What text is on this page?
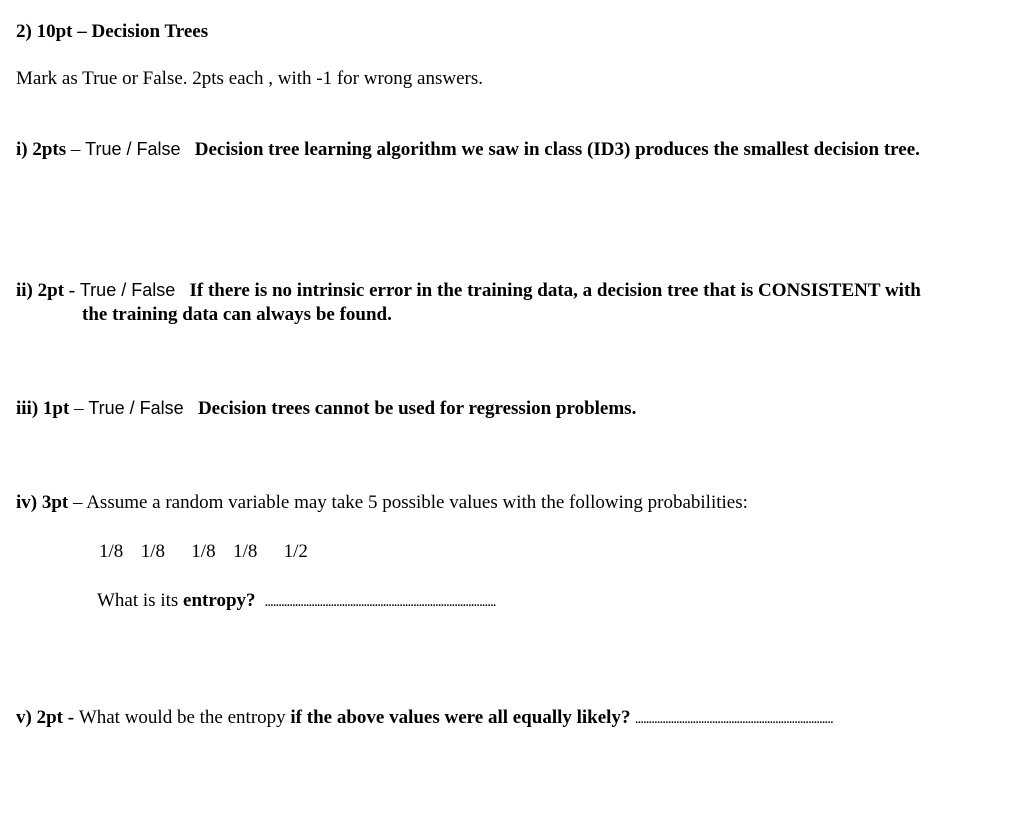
2) 10pt – Decision Trees
Mark as True or False. 2pts each , with -1 for wrong answers.
i) 2pts – True / False Decision tree learning algorithm we saw in class (ID3) produces the smallest decision tree.
ii) 2pt - True / False If there is no intrinsic error in the training data, a decision tree that is CONSISTENT with
the training data can always be found.
iii) 1pt – True / False Decision trees cannot be used for regression problems.
iv) 3pt – Assume a random variable may take 5 possible values with the following probabilities:
1/8  1/8   1/8  1/8   1/2
What is its entropy? ....................................................................................
v) 2pt - What would be the entropy if the above values were all equally likely? ........................................................................
